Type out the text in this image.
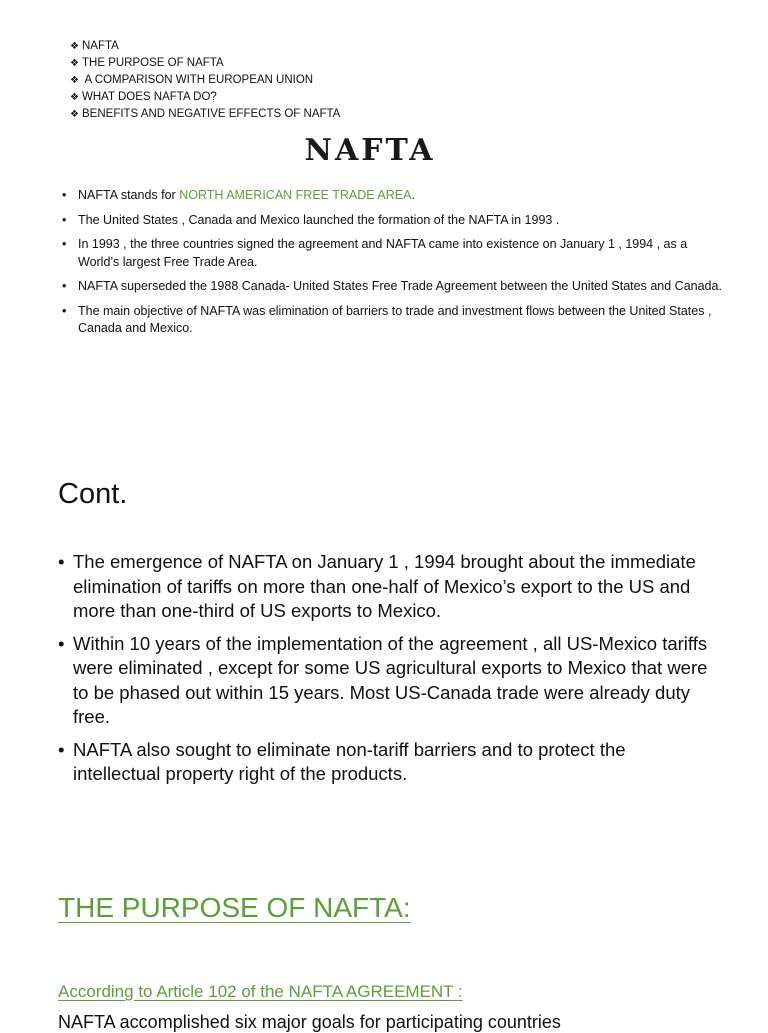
❖ NAFTA
❖ THE PURPOSE OF NAFTA
❖ A COMPARISON WITH EUROPEAN UNION
❖ WHAT DOES NAFTA DO?
❖ BENEFITS AND NEGATIVE EFFECTS OF NAFTA
NAFTA
• NAFTA stands for NORTH AMERICAN FREE TRADE AREA.
• The United States , Canada and Mexico launched the formation of the NAFTA in 1993 .
• In 1993 , the three countries signed the agreement and NAFTA came into existence on January 1 , 1994 , as a World’s largest Free Trade Area.
• NAFTA superseded the 1988 Canada- United States Free Trade Agreement between the United States and Canada.
• The main objective of NAFTA was elimination of barriers to trade and investment flows between the United States , Canada and Mexico.
Cont.
• The emergence of NAFTA on January 1 , 1994 brought about the immediate elimination of tariffs on more than one-half of Mexico’s export to the US and more than one-third of US exports to Mexico.
• Within 10 years of the implementation of the agreement , all US-Mexico tariffs were eliminated , except for some US agricultural exports to Mexico that were to be phased out within 15 years. Most US-Canada trade were already duty free.
• NAFTA also sought to eliminate non-tariff barriers and to protect the intellectual property right of the products.
THE PURPOSE OF NAFTA:
According to Article 102 of the NAFTA AGREEMENT :
NAFTA accomplished six major goals for participating countries
